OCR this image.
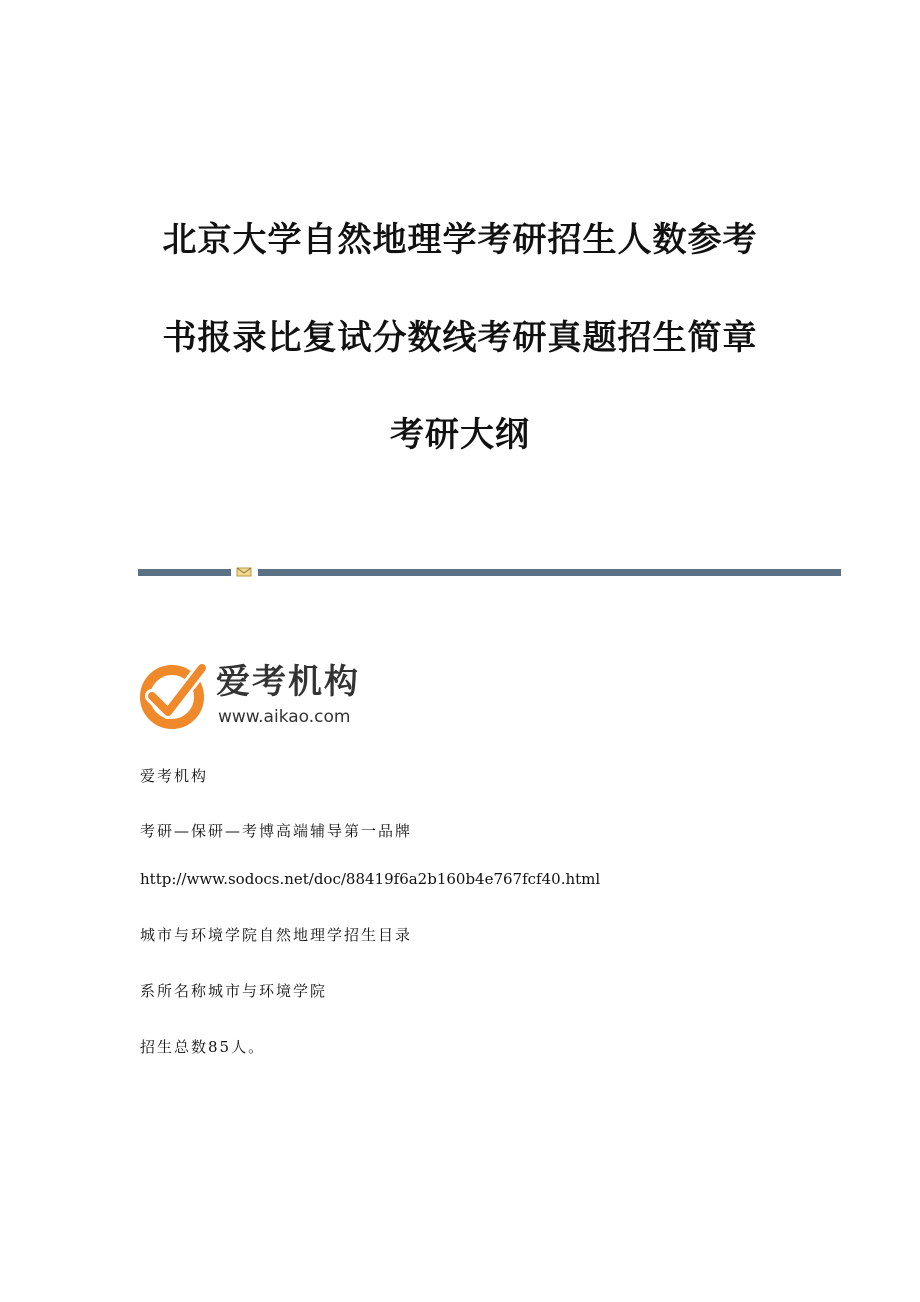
北京大学自然地理学考研招生人数参考
书报录比复试分数线考研真题招生简章
考研大纲
爱考机构
www.aikao.com
爱考机构
考研—保研—考博高端辅导第一品牌
http://www.sodocs.net/doc/88419f6a2b160b4e767fcf40.html
城市与环境学院自然地理学招生目录
系所名称城市与环境学院
招生总数85人。
